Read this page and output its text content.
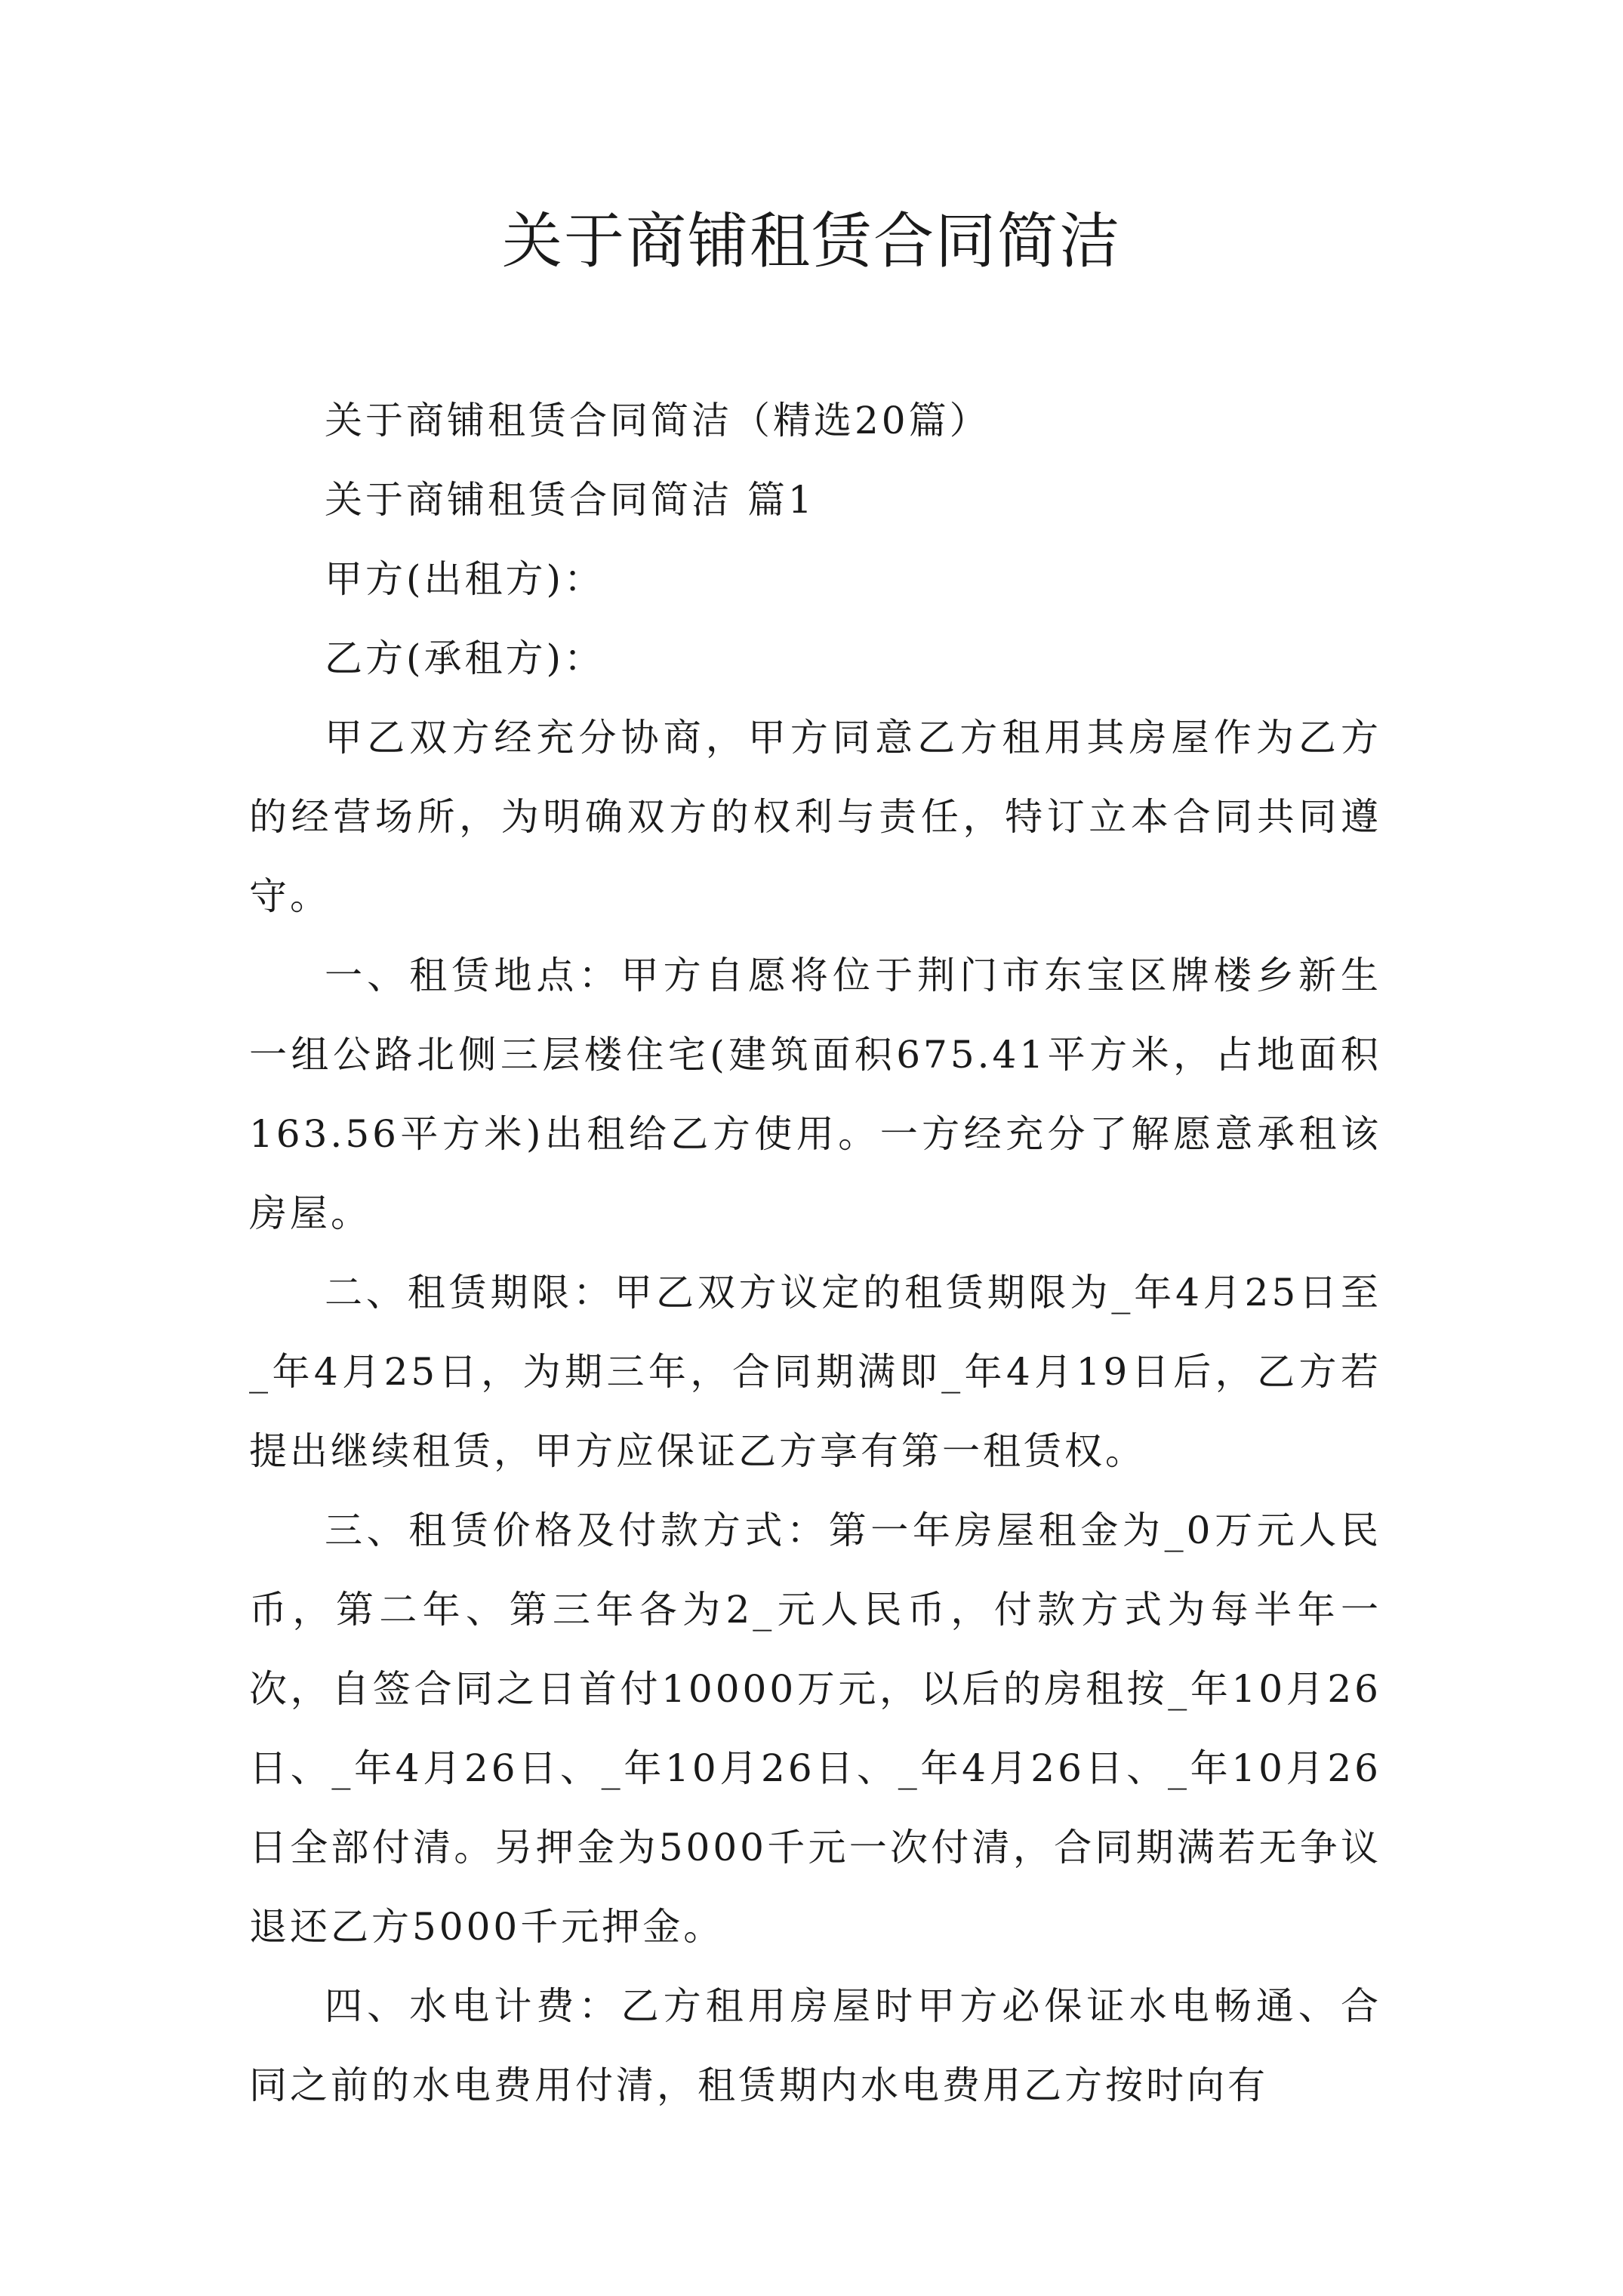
关于商铺租赁合同简洁

关于商铺租赁合同简洁（精选20篇）

关于商铺租赁合同简洁 篇1

甲方(出租方)：

乙方(承租方)：

甲乙双方经充分协商，甲方同意乙方租用其房屋作为乙方的经营场所，为明确双方的权利与责任，特订立本合同共同遵守。

一、租赁地点：甲方自愿将位于荆门市东宝区牌楼乡新生一组公路北侧三层楼住宅(建筑面积675.41平方米，占地面积163.56平方米)出租给乙方使用。一方经充分了解愿意承租该房屋。

二、租赁期限：甲乙双方议定的租赁期限为_年4月25日至_年4月25日，为期三年，合同期满即_年4月19日后，乙方若提出继续租赁，甲方应保证乙方享有第一租赁权。

三、租赁价格及付款方式：第一年房屋租金为_0万元人民币，第二年、第三年各为2_元人民币，付款方式为每半年一次，自签合同之日首付10000万元，以后的房租按_年10月26日、_年4月26日、_年10月26日、_年4月26日、_年10月26日全部付清。另押金为5000千元一次付清，合同期满若无争议退还乙方5000千元押金。

四、水电计费：乙方租用房屋时甲方必保证水电畅通、合同之前的水电费用付清，租赁期内水电费用乙方按时向有
